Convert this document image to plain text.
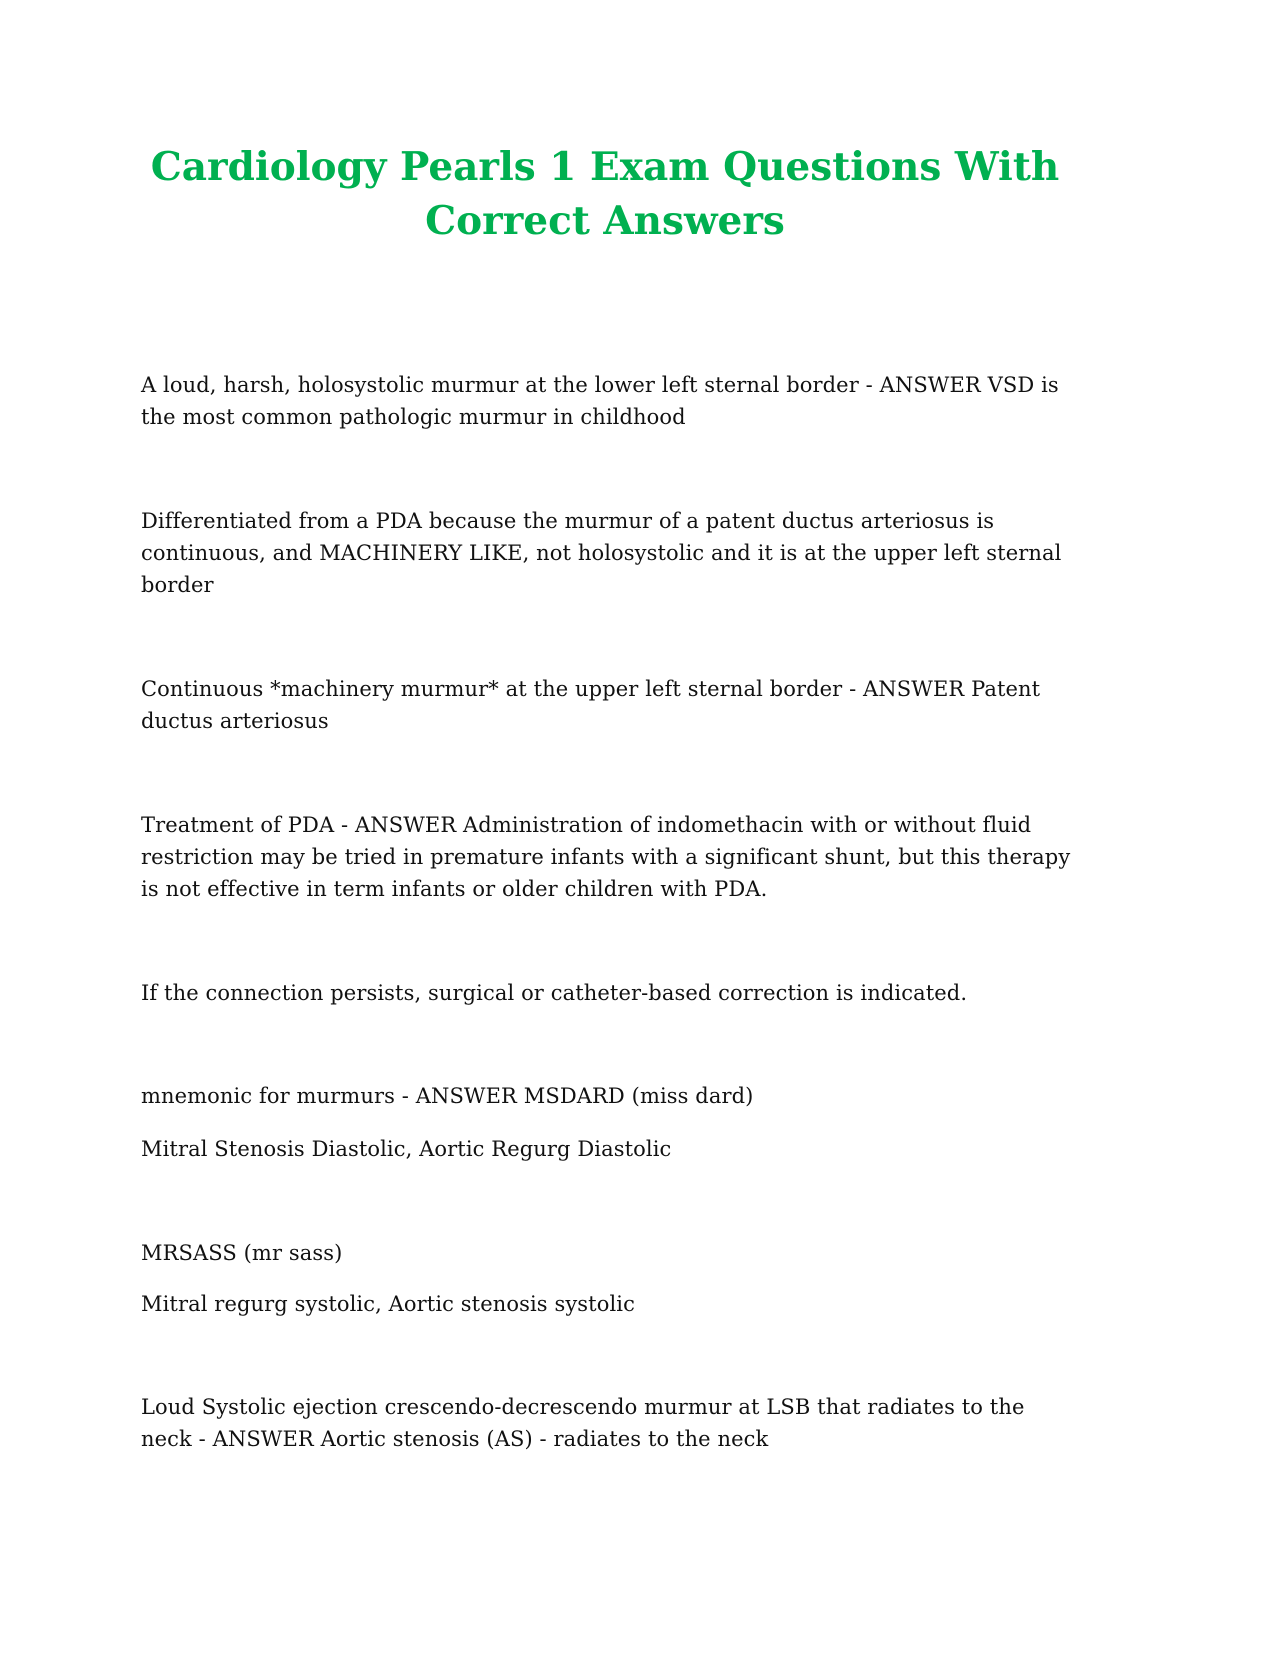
Cardiology Pearls 1 Exam Questions With Correct Answers

A loud, harsh, holosystolic murmur at the lower left sternal border - ANSWER VSD is the most common pathologic murmur in childhood

Differentiated from a PDA because the murmur of a patent ductus arteriosus is continuous, and MACHINERY LIKE, not holosystolic and it is at the upper left sternal border

Continuous *machinery murmur* at the upper left sternal border - ANSWER Patent ductus arteriosus

Treatment of PDA - ANSWER Administration of indomethacin with or without fluid restriction may be tried in premature infants with a significant shunt, but this therapy is not effective in term infants or older children with PDA.

If the connection persists, surgical or catheter-based correction is indicated.

mnemonic for murmurs - ANSWER MSDARD (miss dard)

Mitral Stenosis Diastolic, Aortic Regurg Diastolic

MRSASS (mr sass)

Mitral regurg systolic, Aortic stenosis systolic

Loud Systolic ejection crescendo-decrescendo murmur at LSB that radiates to the neck - ANSWER Aortic stenosis (AS) - radiates to the neck
